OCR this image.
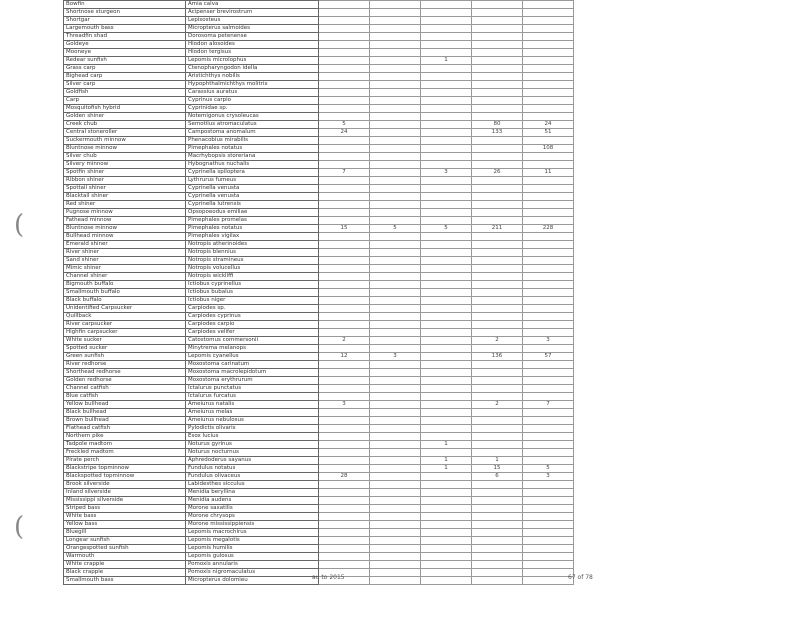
(
(
Bowfin	Amia calva					
Shortnose sturgeon	Acipenser brevirostrum					
Shortgar	Lepisosteus					
Largemouth bass	Micropterus salmoides					
Threadfin shad	Dorosoma petenense					
Goldeye	Hiodon alosoides					
Mooneye	Hiodon tergisus					
Redear sunfish	Lepomis microlophus			1		
Grass carp	Ctenopharyngodon idella					
Bighead carp	Aristichthys nobilis					
Silver carp	Hypophthalmichthys molitrix					
Goldfish	Carassius auratus					
Carp	Cyprinus carpio					
Mosquitofish hybrid	Cyprinidae sp.					
Golden shiner	Notemigonus crysoleucas					
Creek chub	Semotilus atromaculatus	5			80	24
Central stoneroller	Campostoma anomalum	24			133	51
Suckermouth minnow	Phenacobius mirabilis					
Bluntnose minnow	Pimephales notatus					108
Silver chub	Macrhybopsis storeriana					
Silvery minnow	Hybognathus nuchalis					
Spotfin shiner	Cyprinella spiloptera	7		3	26	11
Ribbon shiner	Lythrurus fumeus					
Spottail shiner	Cyprinella venusta					
Blacktail shiner	Cyprinella venusta					
Red shiner	Cyprinella lutrensis					
Pugnose minnow	Opsopoeodus emiliae					
Fathead minnow	Pimephales promelas					
Bluntnose minnow	Pimephales notatus	15	5	5	211	228
Bullhead minnow	Pimephales vigilax					
Emerald shiner	Notropis atherinoides					
River shiner	Notropis blennius					
Sand shiner	Notropis stramineus					
Mimic shiner	Notropis volucellus					
Channel shiner	Notropis wickliffi					
Bigmouth buffalo	Ictiobus cyprinellus					
Smallmouth buffalo	Ictiobus bubalus					
Black buffalo	Ictiobus niger					
Unidentified Carpsucker	Carpiodes sp.					
Quillback	Carpiodes cyprinus					
River carpsucker	Carpiodes carpio					
Highfin carpsucker	Carpiodes velifer					
White sucker	Catostomus commersonii	2			2	3
Spotted sucker	Minytrema melanops					
Green sunfish	Lepomis cyanellus	12	3		136	57
River redhorse	Moxostoma carinatum					
Shorthead redhorse	Moxostoma macrolepidotum					
Golden redhorse	Moxostoma erythrurum					
Channel catfish	Ictalurus punctatus					
Blue catfish	Ictalurus furcatus					
Yellow bullhead	Ameiurus natalis	3			2	7
Black bullhead	Ameiurus melas					
Brown bullhead	Ameiurus nebulosus					
Flathead catfish	Pylodictis olivaris					
Northern pike	Esox lucius					
Tadpole madtom	Noturus gyrinus			1		
Freckled madtom	Noturus nocturnus					
Pirate perch	Aphredoderus sayanus			1	1	
Blackstripe topminnow	Fundulus notatus			1	15	5
Blackspotted topminnow	Fundulus olivaceus	28			6	3
Brook silverside	Labidesthes sicculus					
Inland silverside	Menidia beryllina					
Mississippi silverside	Menidia audens					
Striped bass	Morone saxatilis					
White bass	Morone chrysops					
Yellow bass	Morone mississippiensis					
Bluegill	Lepomis macrochirus					
Longear sunfish	Lepomis megalotis					
Orangespotted sunfish	Lepomis humilis					
Warmouth	Lepomis gulosus					
White crappie	Pomoxis annularis					
Black crappie	Pomoxis nigromaculatus					
Smallmouth bass	Micropterus dolomieu						au to 2015	67 of 78
